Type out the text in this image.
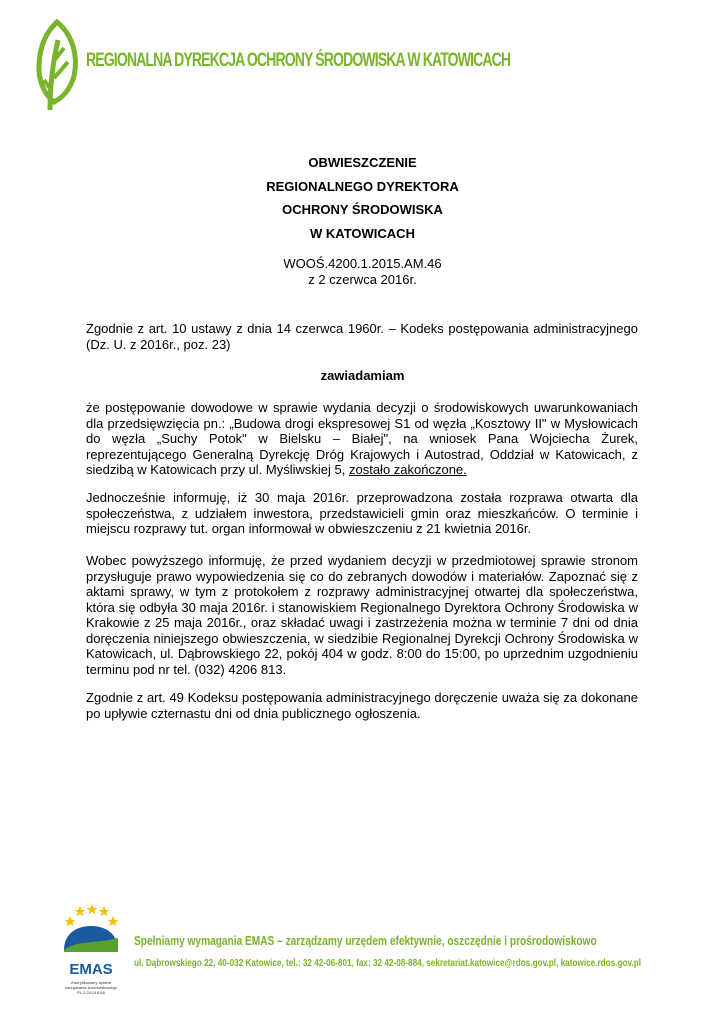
REGIONALNA DYREKCJA OCHRONY ŚRODOWISKA W KATOWICACH
OBWIESZCZENIE
REGIONALNEGO DYREKTORA
OCHRONY ŚRODOWISKA
W KATOWICACH
WOOŚ.4200.1.2015.AM.46
z 2 czerwca 2016r.
Zgodnie z art. 10 ustawy z dnia 14 czerwca 1960r. – Kodeks postępowania administracyjnego (Dz. U. z 2016r., poz. 23)
zawiadamiam
że postępowanie dowodowe w sprawie wydania decyzji o środowiskowych uwarunkowaniach dla przedsięwzięcia pn.: „Budowa drogi ekspresowej S1 od węzła „Kosztowy II" w Mysłowicach do węzła „Suchy Potok" w Bielsku – Białej", na wniosek Pana Wojciecha Żurek, reprezentującego Generalną Dyrekcję Dróg Krajowych i Autostrad, Oddział w Katowicach, z siedzibą w Katowicach przy ul. Myśliwskiej 5, zostało zakończone.
Jednocześnie informuję, iż 30 maja 2016r. przeprowadzona została rozprawa otwarta dla społeczeństwa, z udziałem inwestora, przedstawicieli gmin oraz mieszkańców. O terminie i miejscu rozprawy tut. organ informował w obwieszczeniu z 21 kwietnia 2016r.
Wobec powyższego informuję, że przed wydaniem decyzji w przedmiotowej sprawie stronom przysługuje prawo wypowiedzenia się co do zebranych dowodów i materiałów. Zapoznać się z aktami sprawy, w tym z protokołem z rozprawy administracyjnej otwartej dla społeczeństwa, która się odbyła 30 maja 2016r. i stanowiskiem Regionalnego Dyrektora Ochrony Środowiska w Krakowie z 25 maja 2016r., oraz składać uwagi i zastrzeżenia można w terminie 7 dni od dnia doręczenia niniejszego obwieszczenia, w siedzibie Regionalnej Dyrekcji Ochrony Środowiska w Katowicach, ul. Dąbrowskiego 22, pokój 404 w godz. 8:00 do 15:00, po uprzednim uzgodnieniu terminu pod nr tel. (032) 4206 813.
Zgodnie z art. 49 Kodeksu postępowania administracyjnego doręczenie uważa się za dokonane po upływie czternastu dni od dnia publicznego ogłoszenia.
EMAS
Zweryfikowany system zarządzania środowiskowego PL 2.24-019-68
Spełniamy wymagania EMAS – zarządzamy urzędem efektywnie, oszczędnie i prośrodowiskowo
ul. Dąbrowskiego 22, 40-032 Katowice, tel.: 32 42-06-801, fax: 32 42-08-884, sekretariat.katowice@rdos.gov.pl, katowice.rdos.gov.pl
